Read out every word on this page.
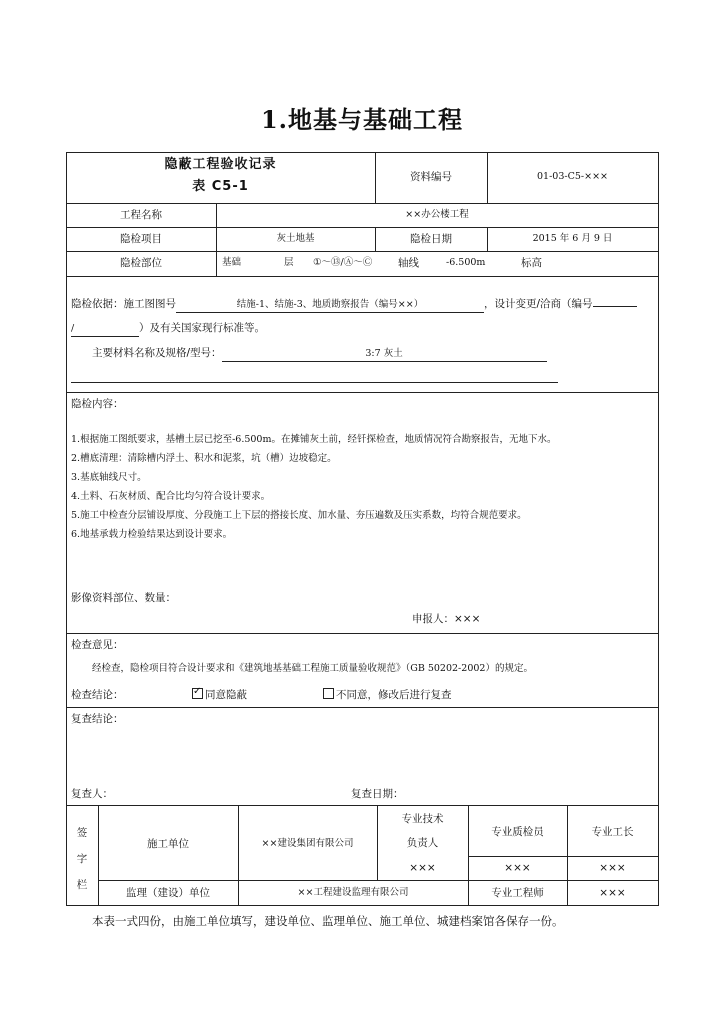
1.地基与基础工程
隐蔽工程验收记录
表 C5-1
资料编号	01-03-C5-×××
工程名称	××办公楼工程
隐检项目	灰土地基	隐检日期	2015 年 6 月 9 日
隐检部位	基础	层 ①～⑬/Ⓐ～Ⓒ 轴线	-6.500m	标高
隐检依据：施工图图号	结施-1、结施-3、地质勘察报告（编号××）	，设计变更/洽商（编号
/	）及有关国家现行标准等。
主要材料名称及规格/型号：	3:7 灰土
隐检内容：
1.根据施工图纸要求，基槽土层已挖至-6.500m。在摊铺灰土前，经钎探检查，地质情况符合勘察报告，无地下水。
2.槽底清理：清除槽内浮土、积水和泥浆，坑（槽）边坡稳定。
3.基底轴线尺寸。
4.土料、石灰材质、配合比均匀符合设计要求。
5.施工中检查分层铺设厚度、分段施工上下层的搭接长度、加水量、夯压遍数及压实系数，均符合规范要求。
6.地基承载力检验结果达到设计要求。
影像资料部位、数量：
申报人：×××
检查意见：
经检查，隐检项目符合设计要求和《建筑地基基础工程施工质量验收规范》（GB 50202-2002）的规定。
检查结论：
✓	同意隐蔽	不同意，修改后进行复查
复查结论：
复查人：	复查日期：
签
字
栏
施工单位	××建设集团有限公司
专业技术
负责人
专业质检员	专业工长
×××	×××	×××
监理（建设）单位	××工程建设监理有限公司	专业工程师	×××
本表一式四份，由施工单位填写，建设单位、监理单位、施工单位、城建档案馆各保存一份。
